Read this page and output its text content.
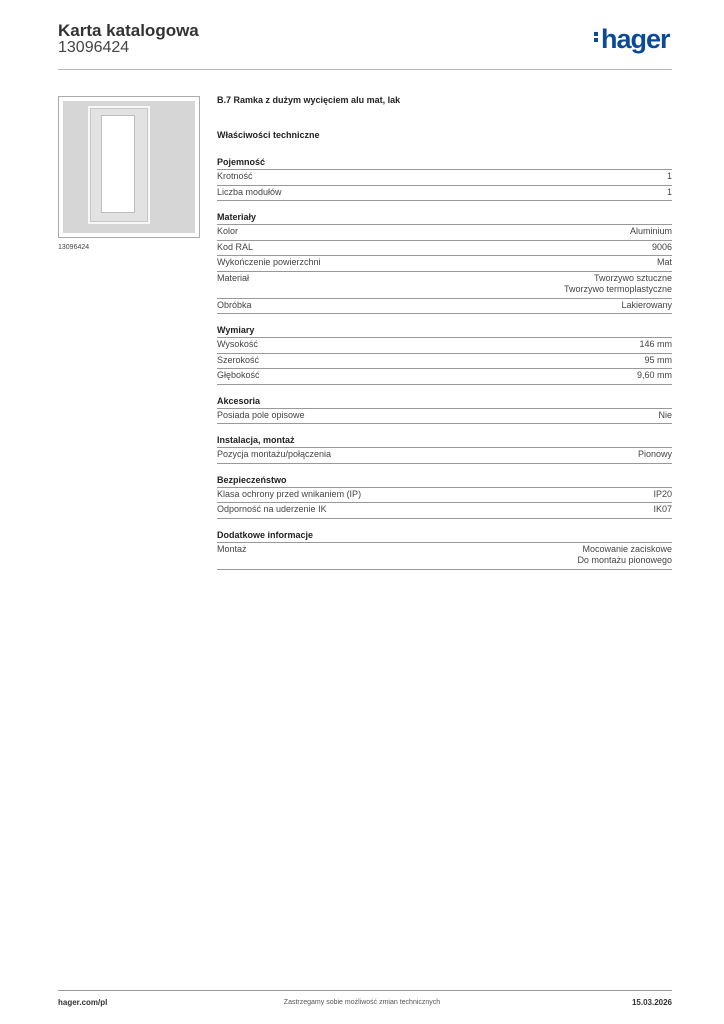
Karta katalogowa
13096424	hager
13096424
B.7 Ramka z dużym wycięciem alu mat, lak
Właściwości techniczne
Pojemność
Krotność	1
Liczba modułów	1
Materiały
Kolor	Aluminium
Kod RAL	9006
Wykończenie powierzchni	Mat
Materiał	Tworzywo sztuczne
Tworzywo termoplastyczne
Obróbka	Lakierowany
Wymiary
Wysokość	146 mm
Szerokość	95 mm
Głębokość	9,60 mm
Akcesoria
Posiada pole opisowe	Nie
Instalacja, montaż
Pozycja montażu/połączenia	Pionowy
Bezpieczeństwo
Klasa ochrony przed wnikaniem (IP)	IP20
Odporność na uderzenie IK	IK07
Dodatkowe informacje
Montaż	Mocowanie zaciskowe
Do montażu pionowego
hager.com/pl	Zastrzegamy sobie możliwość zmian technicznych	15.03.2026
